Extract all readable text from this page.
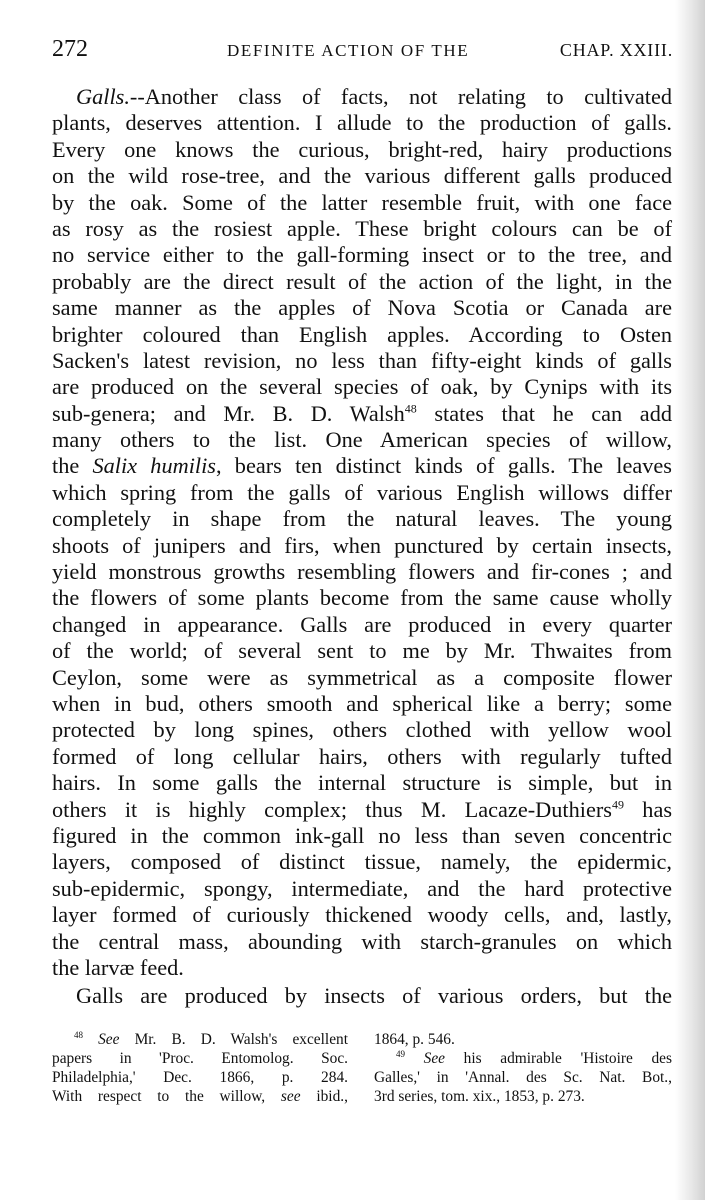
272	DEFINITE ACTION OF THE	CHAP. XXIII.
Galls.--Another class of facts, not relating to cultivated
plants, deserves attention. I allude to the production of galls.
Every one knows the curious, bright-red, hairy productions
on the wild rose-tree, and the various different galls produced
by the oak. Some of the latter resemble fruit, with one face
as rosy as the rosiest apple. These bright colours can be of
no service either to the gall-forming insect or to the tree, and
probably are the direct result of the action of the light, in the
same manner as the apples of Nova Scotia or Canada are
brighter coloured than English apples. According to Osten
Sacken's latest revision, no less than fifty-eight kinds of galls
are produced on the several species of oak, by Cynips with its
sub-genera; and Mr. B. D. Walsh$^{48}$ states that he can add
many others to the list. One American species of willow,
the Salix humilis, bears ten distinct kinds of galls. The leaves
which spring from the galls of various English willows differ
completely in shape from the natural leaves. The young
shoots of junipers and firs, when punctured by certain insects,
yield monstrous growths resembling flowers and fir-cones ; and
the flowers of some plants become from the same cause wholly
changed in appearance. Galls are produced in every quarter
of the world; of several sent to me by Mr. Thwaites from
Ceylon, some were as symmetrical as a composite flower
when in bud, others smooth and spherical like a berry; some
protected by long spines, others clothed with yellow wool
formed of long cellular hairs, others with regularly tufted
hairs. In some galls the internal structure is simple, but in
others it is highly complex; thus M. Lacaze-Duthiers$^{49}$ has
figured in the common ink-gall no less than seven concentric
layers, composed of distinct tissue, namely, the epidermic,
sub-epidermic, spongy, intermediate, and the hard protective
layer formed of curiously thickened woody cells, and, lastly,
the central mass, abounding with starch-granules on which
the larvæ feed.
Galls are produced by insects of various orders, but the
$^{48}$ See Mr. B. D. Walsh's excellent
papers in 'Proc. Entomolog. Soc.
Philadelphia,' Dec. 1866, p. 284.
With respect to the willow, see ibid.,
1864, p. 546.
$^{49}$ See his admirable 'Histoire des
Galles,' in 'Annal. des Sc. Nat. Bot.,
3rd series, tom. xix., 1853, p. 273.
